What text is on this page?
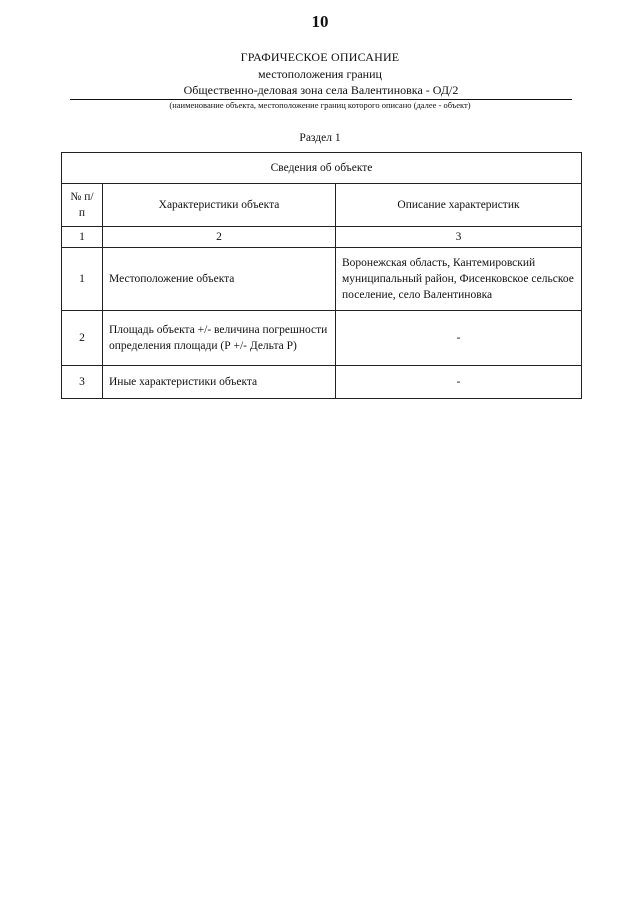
10
ГРАФИЧЕСКОЕ ОПИСАНИЕ
местоположения границ
Общественно-деловая зона села Валентиновка - ОД/2
(наименование объекта, местоположение границ которого описано (далее - объект)
Раздел 1
Сведения об объекте		
№ п/п	Характеристики объекта	Описание характеристик
1	2	3
1	Местоположение объекта	Воронежская область, Кантемировский муниципальный район, Фисенковское сельское поселение, село Валентиновка
2	Площадь объекта +/- величина погрешности определения площади (Р +/- Дельта Р)	-
3	Иные характеристики объекта	-
